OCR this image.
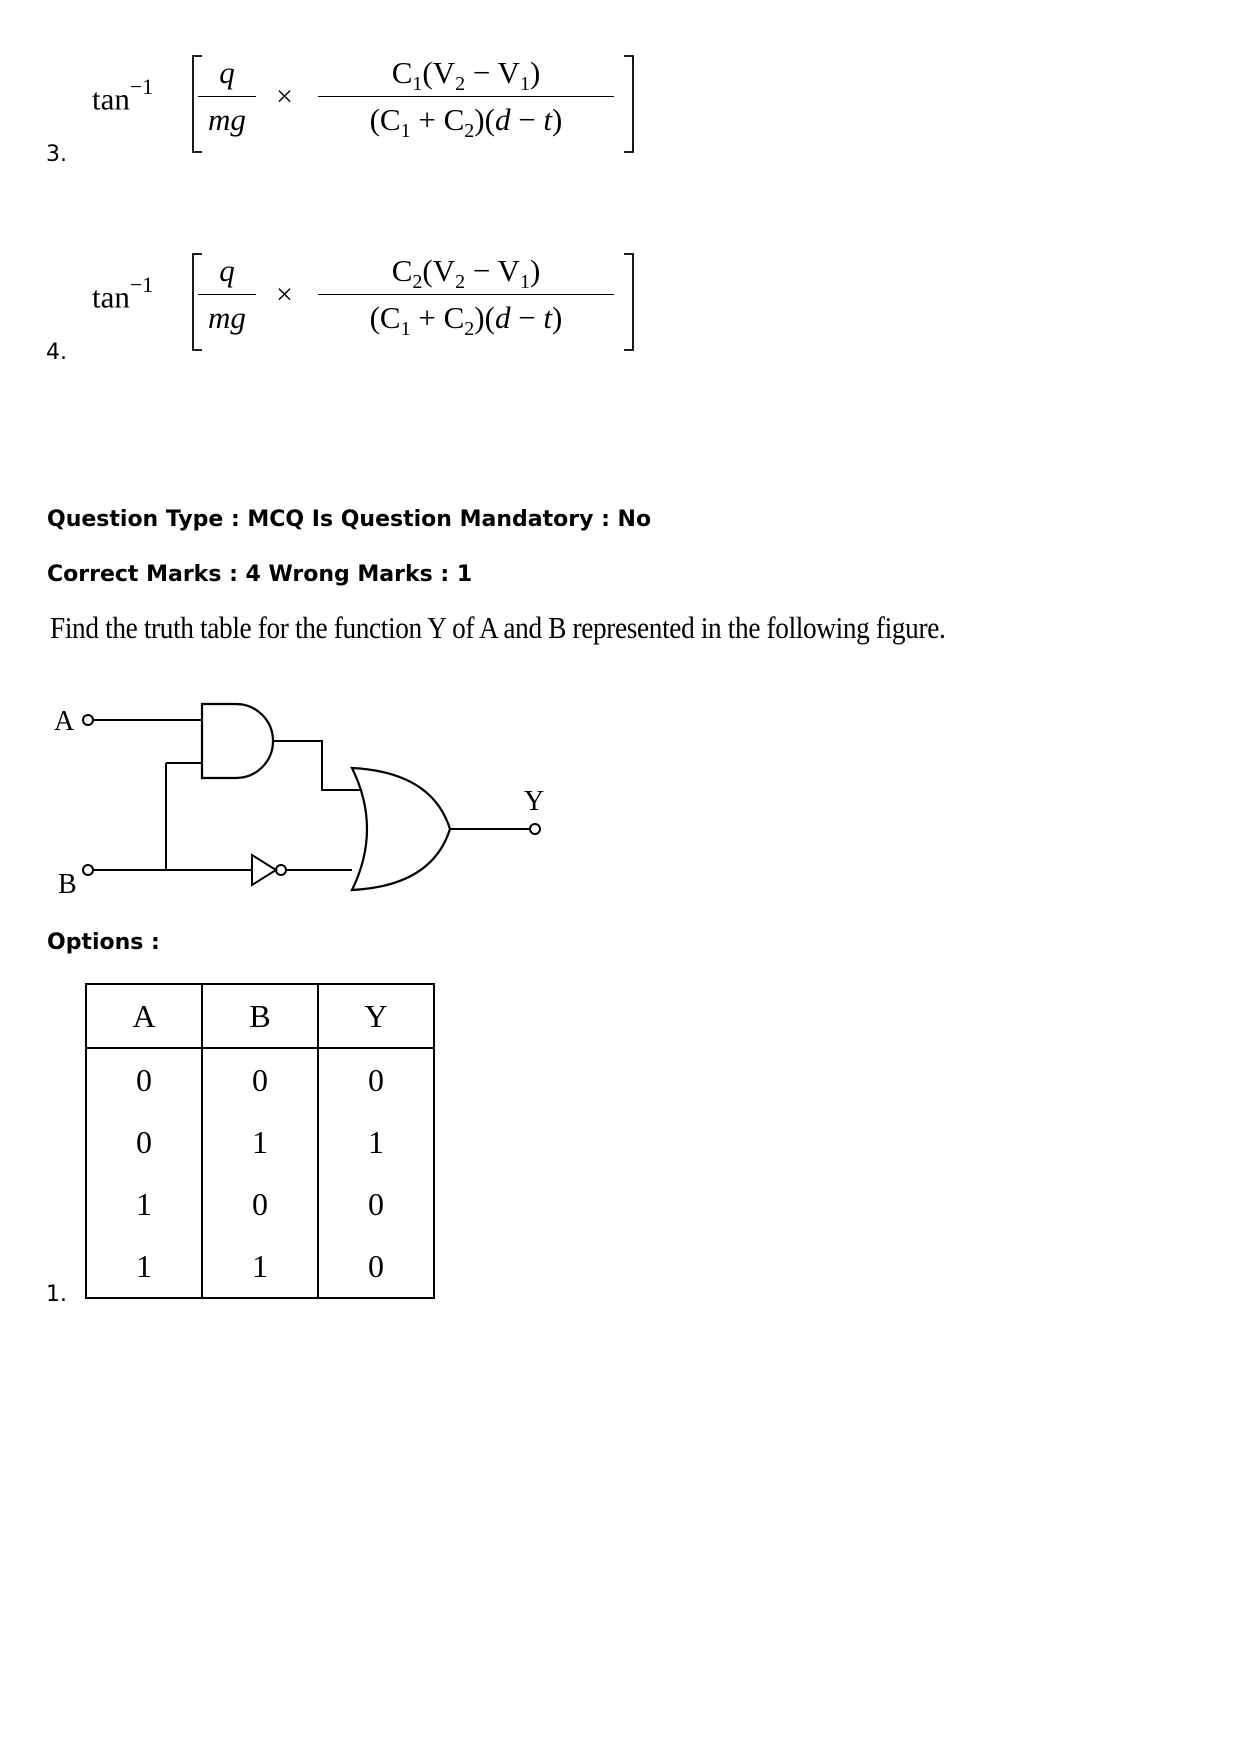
3.
$\tan^{-1}$	q
mg
×
$C_1(V_2 - V_1)$
$(C_1 + C_2)(d - t)$
4.
$\tan^{-1}$	q
mg
×
$C_2(V_2 - V_1)$
$(C_1 + C_2)(d - t)$
Question Type : MCQ Is Question Mandatory : No
Correct Marks : 4 Wrong Marks : 1
Find the truth table for the function Y of A and B represented in the following figure.
A
B
Y
Options :
1.
A	B	Y
0	0	0
0	1	1
1	0	0
1	1	0
